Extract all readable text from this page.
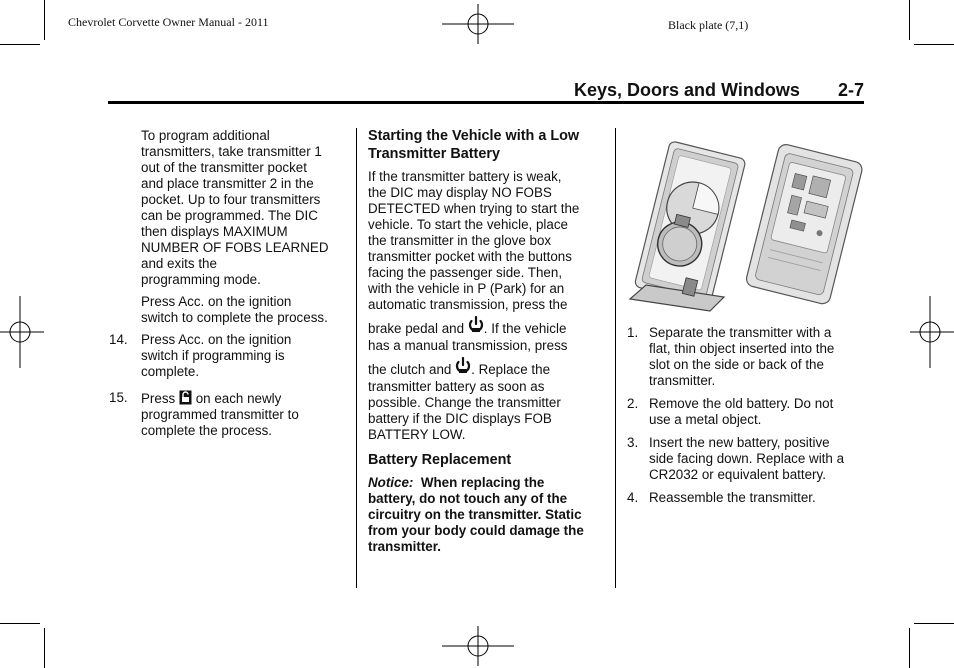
Chevrolet Corvette Owner Manual - 2011	Black plate (7,1)
Keys, Doors and Windows 2-7

To program additional
transmitters, take transmitter 1
out of the transmitter pocket
and place transmitter 2 in the
pocket. Up to four transmitters
can be programmed. The DIC
then displays MAXIMUM
NUMBER OF FOBS LEARNED
and exits the
programming mode.

Press Acc. on the ignition
switch to complete the process.

14. Press Acc. on the ignition
switch if programming is
complete.
15. Press on each newly
programmed transmitter to
complete the process.
Starting the Vehicle with a Low
Transmitter Battery

If the transmitter battery is weak,
the DIC may display NO FOBS
DETECTED when trying to start the
vehicle. To start the vehicle, place
the transmitter in the glove box
transmitter pocket with the buttons
facing the passenger side. Then,
with the vehicle in P (Park) for an
automatic transmission, press the
brake pedal and . If the vehicle
has a manual transmission, press
the clutch and . Replace the
transmitter battery as soon as
possible. Change the transmitter
battery if the DIC displays FOB
BATTERY LOW.

Battery Replacement

Notice: When replacing the
battery, do not touch any of the
circuitry on the transmitter. Static
from your body could damage the
transmitter.

1. Separate the transmitter with a
flat, thin object inserted into the
slot on the side or back of the
transmitter.
2. Remove the old battery. Do not
use a metal object.
3. Insert the new battery, positive
side facing down. Replace with a
CR2032 or equivalent battery.
4. Reassemble the transmitter.
